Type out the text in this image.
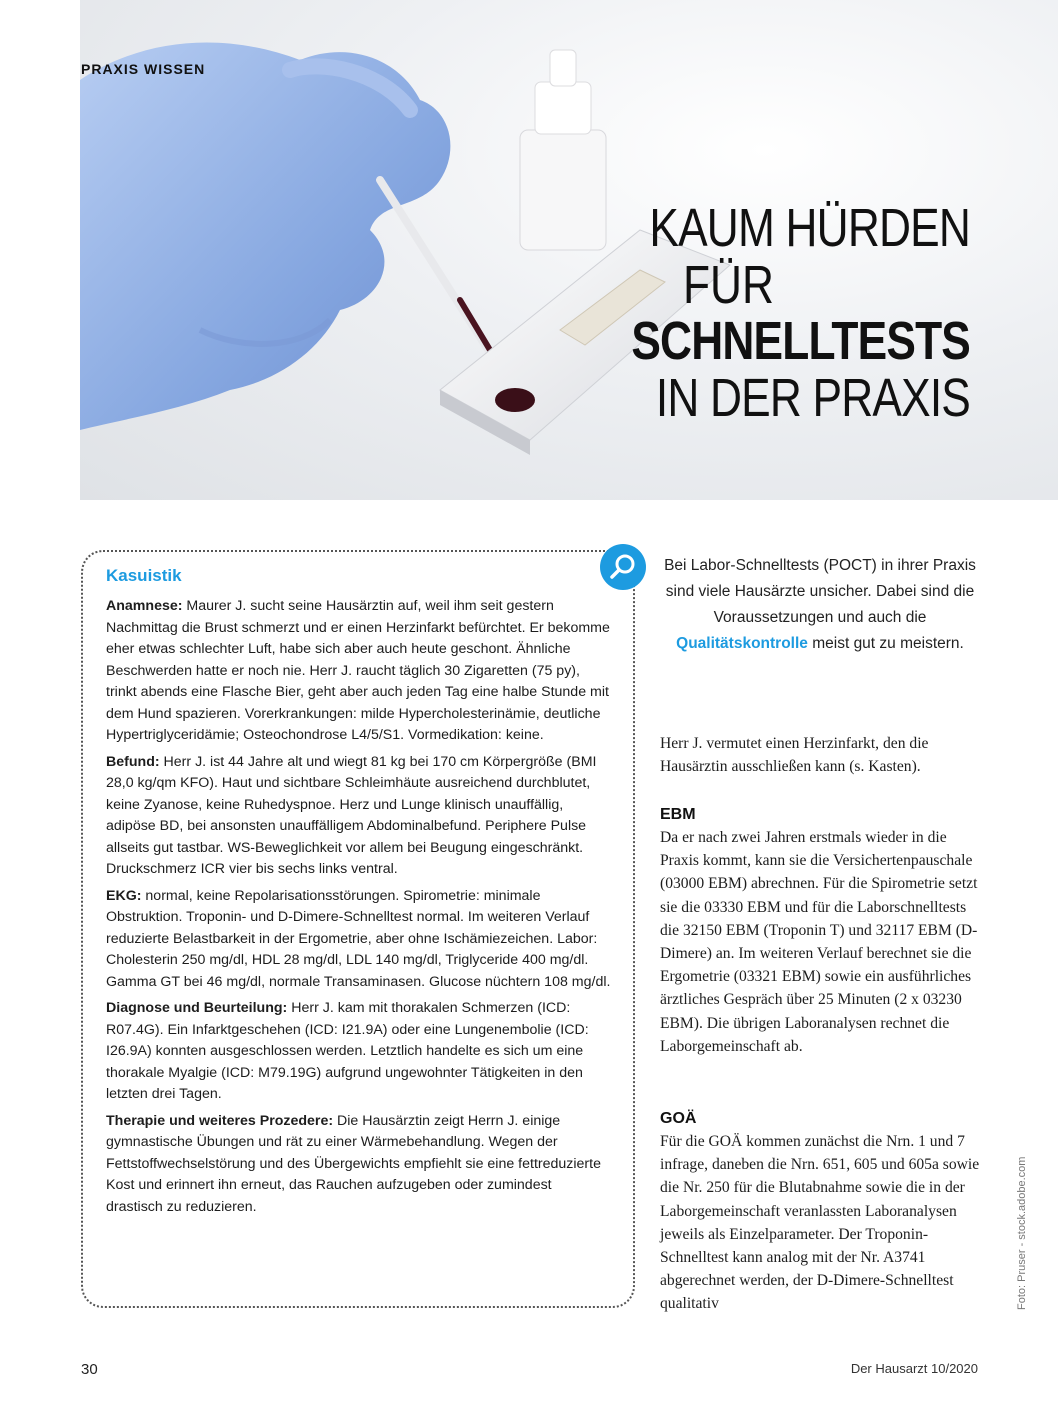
PRAXIS WISSEN
KAUM HÜRDEN
FÜR
SCHNELLTESTS
IN DER PRAXIS
Kasuistik

Anamnese: Maurer J. sucht seine Hausärztin auf, weil ihm seit gestern Nachmittag die Brust schmerzt und er einen Herzinfarkt befürchtet. Er bekomme eher etwas schlechter Luft, habe sich aber auch heute geschont. Ähnliche Beschwerden hatte er noch nie. Herr J. raucht täglich 30 Zigaretten (75 py), trinkt abends eine Flasche Bier, geht aber auch jeden Tag eine halbe Stunde mit dem Hund spazieren. Vorerkrankungen: milde Hypercholesterinämie, deutliche Hypertriglyceridämie; Osteochondrose L4/5/S1. Vormedikation: keine.

Befund: Herr J. ist 44 Jahre alt und wiegt 81 kg bei 170 cm Körpergröße (BMI 28,0 kg/qm KFO). Haut und sichtbare Schleimhäute ausreichend durchblutet, keine Zyanose, keine Ruhedyspnoe. Herz und Lunge klinisch unauffällig, adipöse BD, bei ansonsten unauffälligem Abdominalbefund. Periphere Pulse allseits gut tastbar. WS-Beweglichkeit vor allem bei Beugung eingeschränkt. Druckschmerz ICR vier bis sechs links ventral.

EKG: normal, keine Repolarisationsstörungen. Spirometrie: minimale Obstruktion. Troponin- und D-Dimere-Schnelltest normal. Im weiteren Verlauf reduzierte Belastbarkeit in der Ergometrie, aber ohne Ischämiezeichen. Labor: Cholesterin 250 mg/dl, HDL 28 mg/dl, LDL 140 mg/dl, Triglyceride 400 mg/dl. Gamma GT bei 46 mg/dl, normale Transaminasen. Glucose nüchtern 108 mg/dl.

Diagnose und Beurteilung: Herr J. kam mit thorakalen Schmerzen (ICD: R07.4G). Ein Infarktgeschehen (ICD: I21.9A) oder eine Lungenembolie (ICD: I26.9A) konnten ausgeschlossen werden. Letztlich handelte es sich um eine thorakale Myalgie (ICD: M79.19G) aufgrund ungewohnter Tätigkeiten in den letzten drei Tagen.

Therapie und weiteres Prozedere: Die Hausärztin zeigt Herrn J. einige gymnastische Übungen und rät zu einer Wärmebehandlung. Wegen der Fettstoffwechselstörung und des Übergewichts empfiehlt sie eine fettreduzierte Kost und erinnert ihn erneut, das Rauchen aufzugeben oder zumindest drastisch zu reduzieren.

Bei Labor-Schnelltests (POCT) in ihrer Praxis sind viele Hausärzte unsicher. Dabei sind die Voraussetzungen und auch die Qualitätskontrolle meist gut zu meistern.
Herr J. vermutet einen Herzinfarkt, den die Hausärztin ausschließen kann (s. Kasten).
EBM
Da er nach zwei Jahren erstmals wieder in die Praxis kommt, kann sie die Versichertenpauschale (03000 EBM) abrechnen. Für die Spirometrie setzt sie die 03330 EBM und für die Laborschnelltests die 32150 EBM (Troponin T) und 32117 EBM (D-Dimere) an. Im weiteren Verlauf berechnet sie die Ergometrie (03321 EBM) sowie ein ausführliches ärztliches Gespräch über 25 Minuten (2 x 03230 EBM). Die übrigen Laboranalysen rechnet die Laborgemeinschaft ab.
GOÄ
Für die GOÄ kommen zunächst die Nrn. 1 und 7 infrage, daneben die Nrn. 651, 605 und 605a sowie die Nr. 250 für die Blutabnahme sowie die in der Laborgemeinschaft veranlassten Laboranalysen jeweils als Einzelparameter. Der Troponin-Schnelltest kann analog mit der Nr. A3741 abgerechnet werden, der D-Dimere-Schnelltest qualitativ	Foto: Pruser - stock.adobe.com
30	Der Hausarzt 10/2020
